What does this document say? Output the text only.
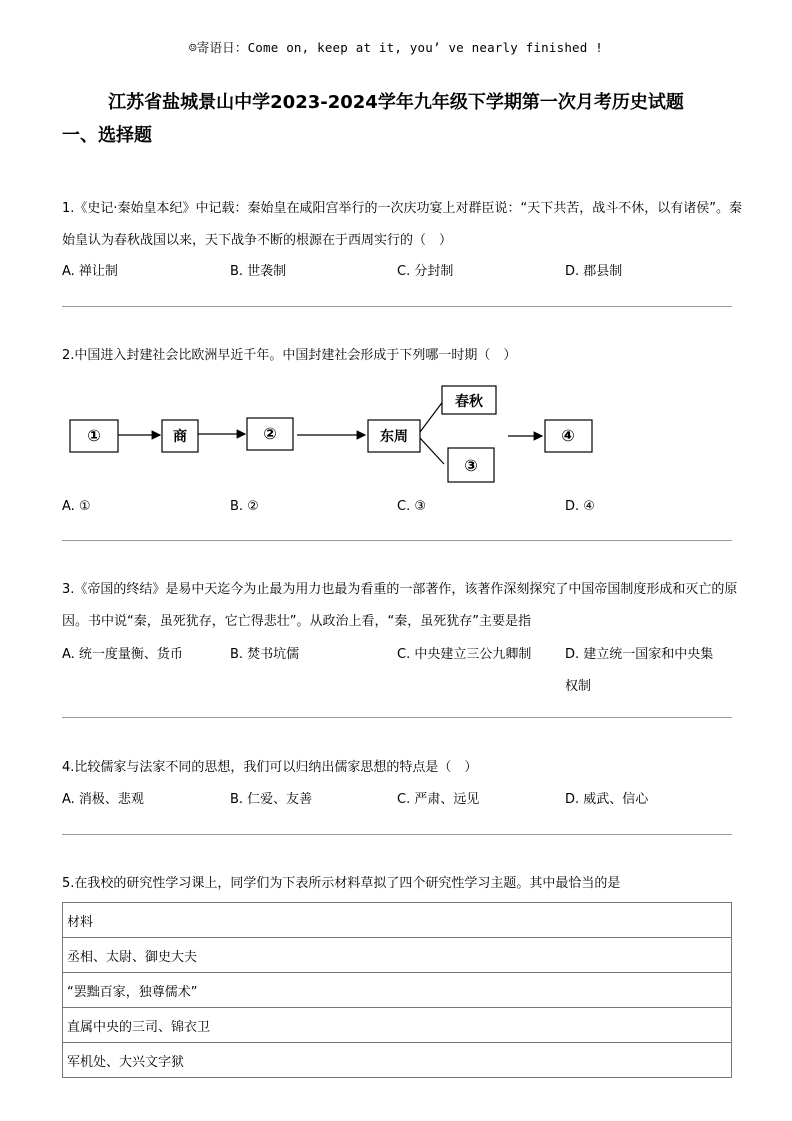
☺寄语日：Come on, keep at it, you’ ve nearly finished !
江苏省盐城景山中学2023-2024学年九年级下学期第一次月考历史试题
一、选择题
1.《史记·秦始皇本纪》中记载：秦始皇在咸阳宫举行的一次庆功宴上对群臣说：“天下共苦，战斗不休，以有诸侯”。秦始皇认为春秋战国以来，天下战争不断的根源在于西周实行的（　）
A. 禅让制	B. 世袭制	C. 分封制	D. 郡县制
2.中国进入封建社会比欧洲早近千年。中国封建社会形成于下列哪一时期（　）
①	商	②	东周
春秋
③
④
A. ①	B. ②	C. ③	D. ④
3.《帝国的终结》是易中天迄今为止最为用力也最为看重的一部著作，该著作深刻探究了中国帝国制度形成和灭亡的原因。书中说“秦，虽死犹存，它亡得悲壮”。从政治上看，“秦，虽死犹存”主要是指
A. 统一度量衡、货币	B. 焚书坑儒	C. 中央建立三公九卿制	D. 建立统一国家和中央集权制
4.比较儒家与法家不同的思想，我们可以归纳出儒家思想的特点是（　）
A. 消极、悲观	B. 仁爱、友善	C. 严肃、远见	D. 威武、信心
5.在我校的研究性学习课上，同学们为下表所示材料草拟了四个研究性学习主题。其中最恰当的是
材料
丞相、太尉、御史大夫
“罢黜百家，独尊儒术”
直属中央的三司、锦衣卫
军机处、大兴文字狱
